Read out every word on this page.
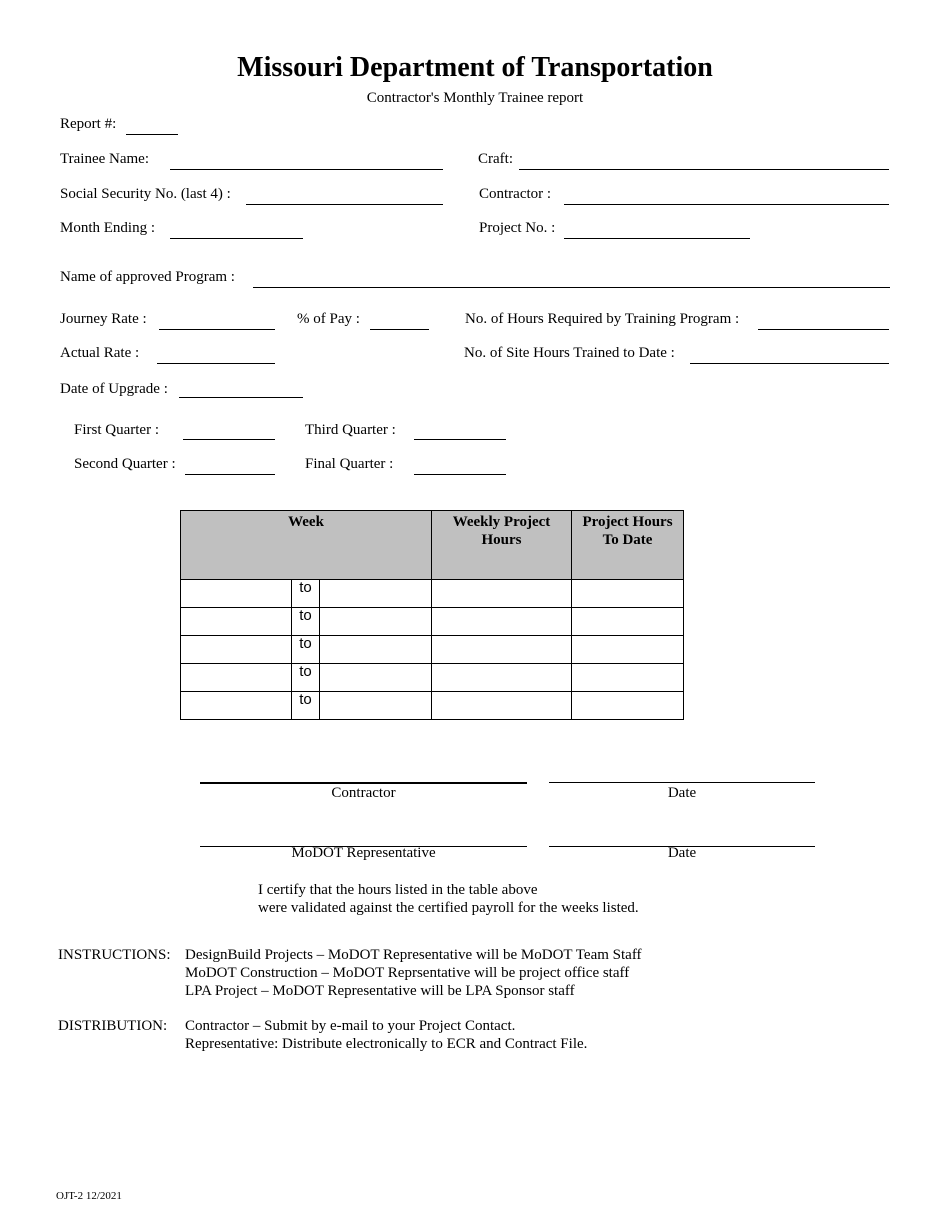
Missouri Department of Transportation
Contractor's Monthly Trainee report
Report #:
Trainee Name:	Craft:
Social Security No. (last 4) :	Contractor :
Month Ending :	Project No. :
Name of approved Program :
Journey Rate :	% of Pay :	No. of Hours Required by Training Program :
Actual Rate :	No. of Site Hours Trained to Date :
Date of Upgrade :
First Quarter :	Third Quarter :
Second Quarter :	Final Quarter :
Week			Weekly Project Hours	Project Hours To Date
	to			
	to			
	to			
	to			
	to			
Contractor	Date
MoDOT Representative	Date
I certify that the hours listed in the table above
were validated against the certified payroll for the weeks listed.
INSTRUCTIONS: DesignBuild Projects – MoDOT Representative will be MoDOT Team Staff
MoDOT Construction – MoDOT Reprsentative will be project office staff
LPA Project – MoDOT Representative will be LPA Sponsor staff
DISTRIBUTION: Contractor – Submit by e-mail to your Project Contact.
Representative: Distribute electronically to ECR and Contract File.
OJT-2 12/2021
